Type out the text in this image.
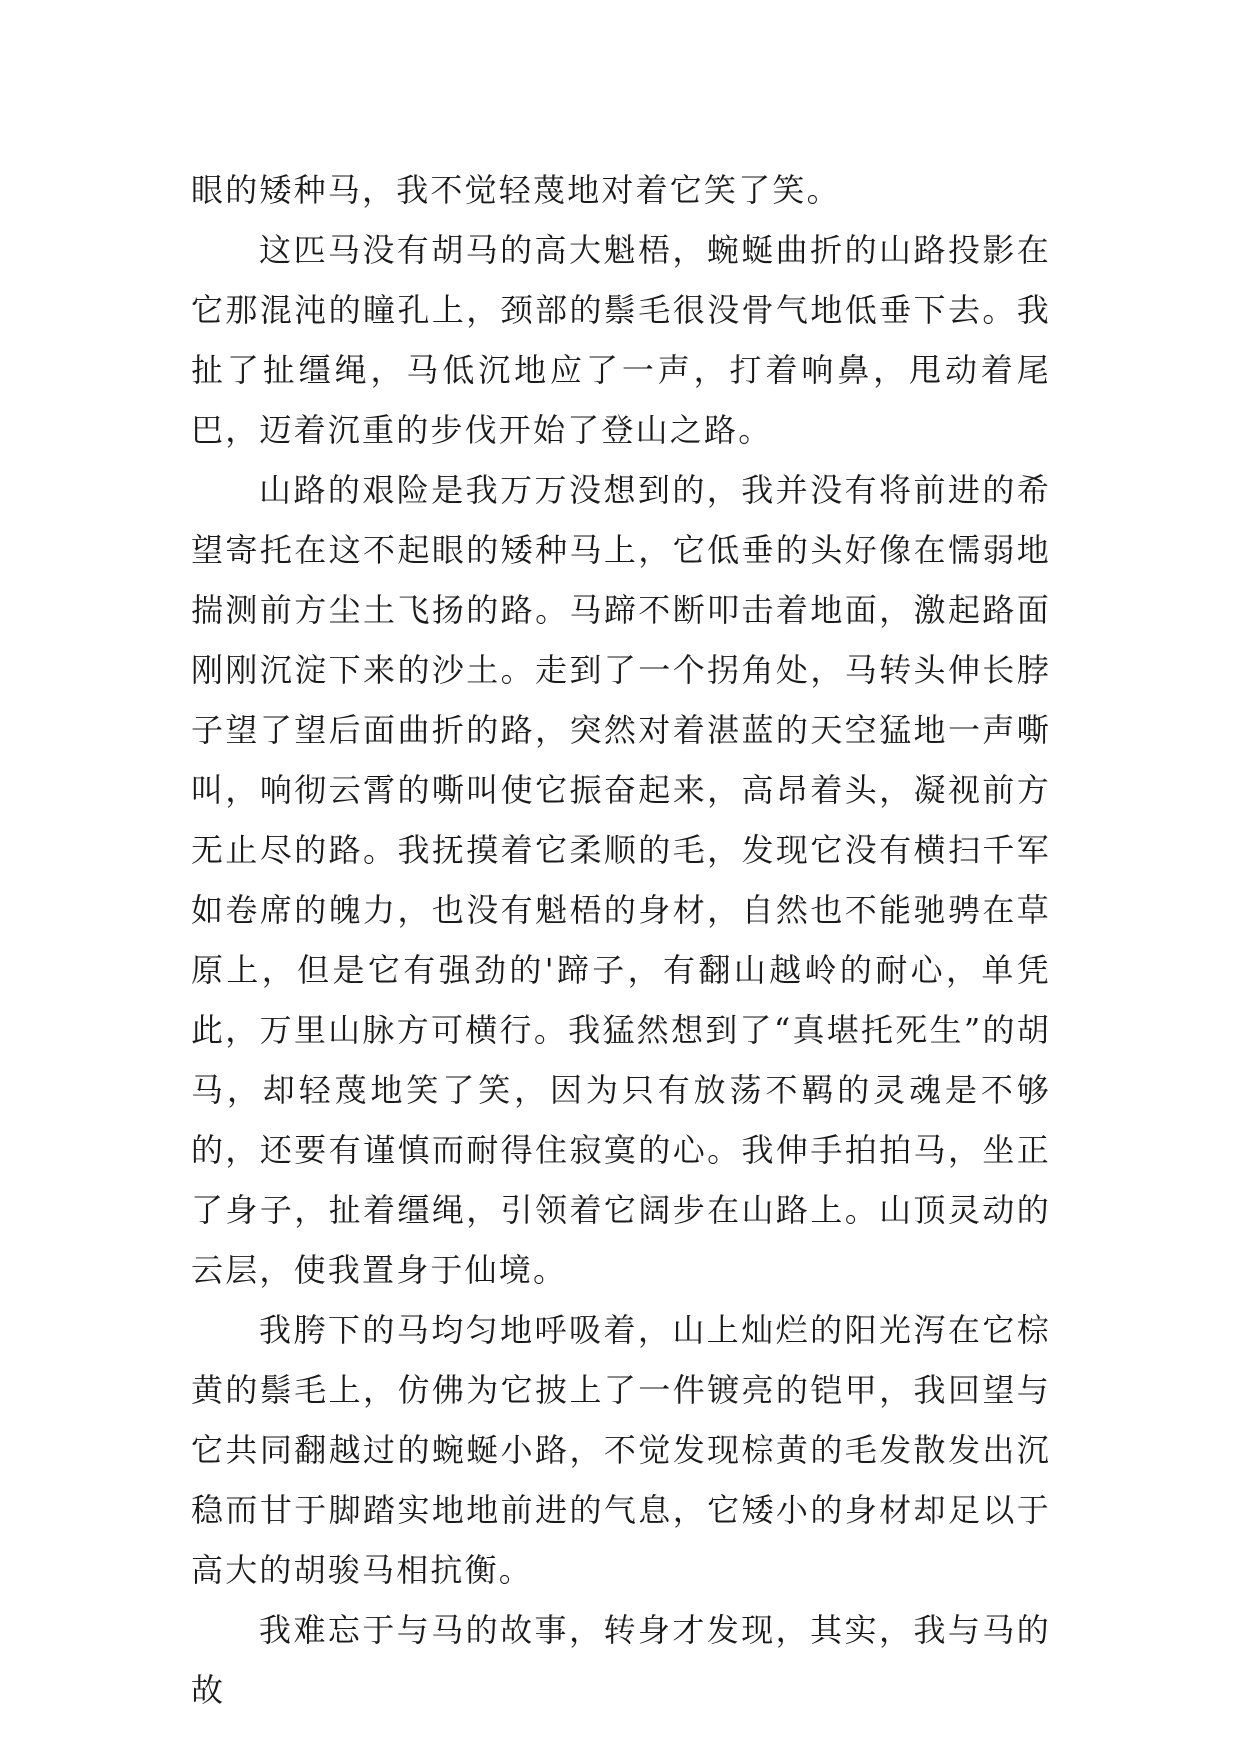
眼的矮种马，我不觉轻蔑地对着它笑了笑。

这匹马没有胡马的高大魁梧，蜿蜒曲折的山路投影在它那混沌的瞳孔上，颈部的鬃毛很没骨气地低垂下去。我扯了扯缰绳，马低沉地应了一声，打着响鼻，甩动着尾巴，迈着沉重的步伐开始了登山之路。

山路的艰险是我万万没想到的，我并没有将前进的希望寄托在这不起眼的矮种马上，它低垂的头好像在懦弱地揣测前方尘土飞扬的路。马蹄不断叩击着地面，激起路面刚刚沉淀下来的沙土。走到了一个拐角处，马转头伸长脖子望了望后面曲折的路，突然对着湛蓝的天空猛地一声嘶叫，响彻云霄的嘶叫使它振奋起来，高昂着头，凝视前方无止尽的路。我抚摸着它柔顺的毛，发现它没有横扫千军如卷席的魄力，也没有魁梧的身材，自然也不能驰骋在草原上，但是它有强劲的'蹄子，有翻山越岭的耐心，单凭此，万里山脉方可横行。我猛然想到了“真堪托死生”的胡马，却轻蔑地笑了笑，因为只有放荡不羁的灵魂是不够的，还要有谨慎而耐得住寂寞的心。我伸手拍拍马，坐正了身子，扯着缰绳，引领着它阔步在山路上。山顶灵动的云层，使我置身于仙境。

我胯下的马均匀地呼吸着，山上灿烂的阳光泻在它棕黄的鬃毛上，仿佛为它披上了一件镀亮的铠甲，我回望与它共同翻越过的蜿蜒小路，不觉发现棕黄的毛发散发出沉稳而甘于脚踏实地地前进的气息，它矮小的身材却足以于高大的胡骏马相抗衡。

我难忘于与马的故事，转身才发现，其实，我与马的故
